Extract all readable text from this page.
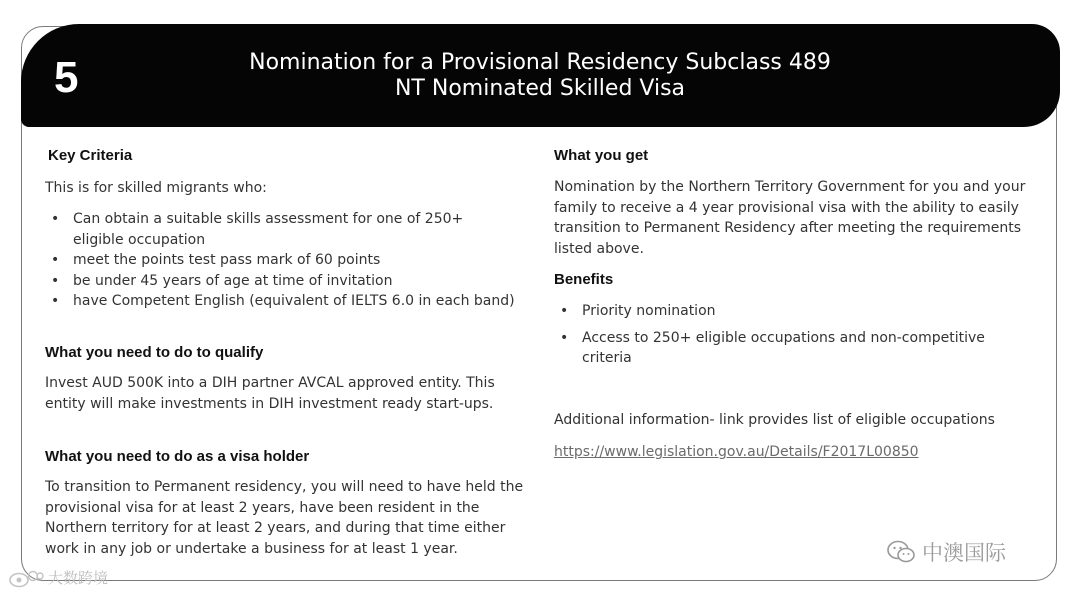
5	Nomination for a Provisional Residency Subclass 489
NT Nominated Skilled Visa
Key Criteria
This is for skilled migrants who:
• Can obtain a suitable skills assessment for one of 250+ eligible occupation
• meet the points test pass mark of 60 points
• be under 45 years of age at time of invitation
• have Competent English (equivalent of IELTS 6.0 in each band)
What you need to do to qualify
Invest AUD 500K into a DIH partner AVCAL approved entity. This entity will make investments in DIH investment ready start-ups.
What you need to do as a visa holder
To transition to Permanent residency, you will need to have held the provisional visa for at least 2 years, have been resident in the Northern territory for at least 2 years, and during that time either work in any job or undertake a business for at least 1 year.
What you get
Nomination by the Northern Territory Government for you and your family to receive a 4 year provisional visa with the ability to easily transition to Permanent Residency after meeting the requirements listed above.
Benefits
• Priority nomination
• Access to 250+ eligible occupations and non-competitive criteria
Additional information- link provides list of eligible occupations
https://www.legislation.gov.au/Details/F2017L00850
中澳国际
大数跨境
